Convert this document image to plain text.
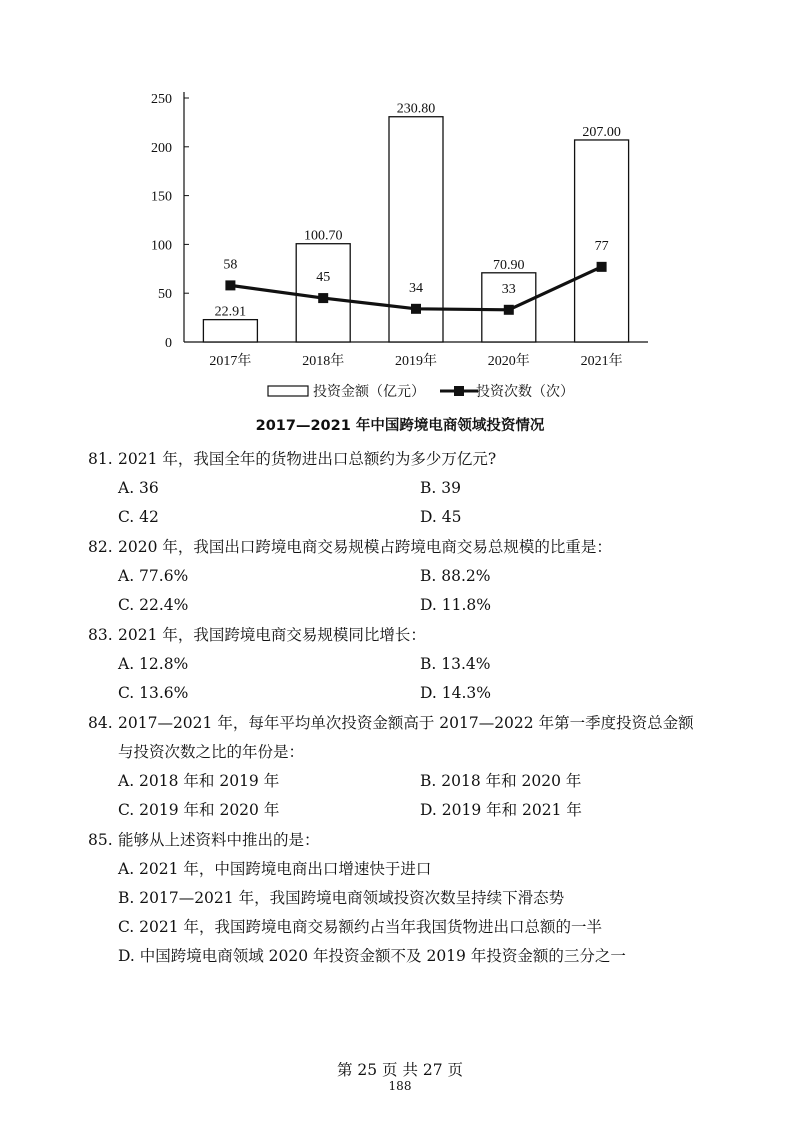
0
50
100
150
200
250
22.91
100.70
230.80
70.90
207.00
58
45
34	33
77
2017年	2018年	2019年	2020年	2021年
投资金额（亿元）	投资次数（次）
2017—2021 年中国跨境电商领域投资情况
81. 2021 年，我国全年的货物进出口总额约为多少万亿元?
A. 36	B. 39
C. 42	D. 45
82. 2020 年，我国出口跨境电商交易规模占跨境电商交易总规模的比重是：
A. 77.6%	B. 88.2%
C. 22.4%	D. 11.8%
83. 2021 年，我国跨境电商交易规模同比增长：
A. 12.8%	B. 13.4%
C. 13.6%	D. 14.3%
84. 2017—2021 年，每年平均单次投资金额高于 2017—2022 年第一季度投资总金额
与投资次数之比的年份是：
A. 2018 年和 2019 年	B. 2018 年和 2020 年
C. 2019 年和 2020 年	D. 2019 年和 2021 年
85. 能够从上述资料中推出的是：
A. 2021 年，中国跨境电商出口增速快于进口
B. 2017—2021 年，我国跨境电商领域投资次数呈持续下滑态势
C. 2021 年，我国跨境电商交易额约占当年我国货物进出口总额的一半
D. 中国跨境电商领域 2020 年投资金额不及 2019 年投资金额的三分之一
第 25 页 共 27 页
188
